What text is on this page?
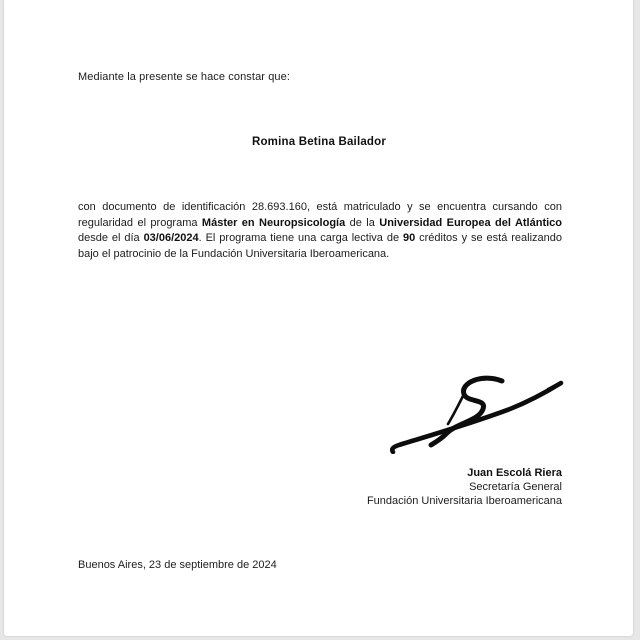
Mediante la presente se hace constar que:
Romina Betina Bailador
con documento de identificación 28.693.160, está matriculado y se encuentra cursando con regularidad el programa Máster en Neuropsicología de la Universidad Europea del Atlántico desde el día 03/06/2024. El programa tiene una carga lectiva de 90 créditos y se está realizando bajo el patrocinio de la Fundación Universitaria Iberoamericana.
Juan Escolá Riera
Secretaría General
Fundación Universitaria Iberoamericana
Buenos Aires, 23 de septiembre de 2024
